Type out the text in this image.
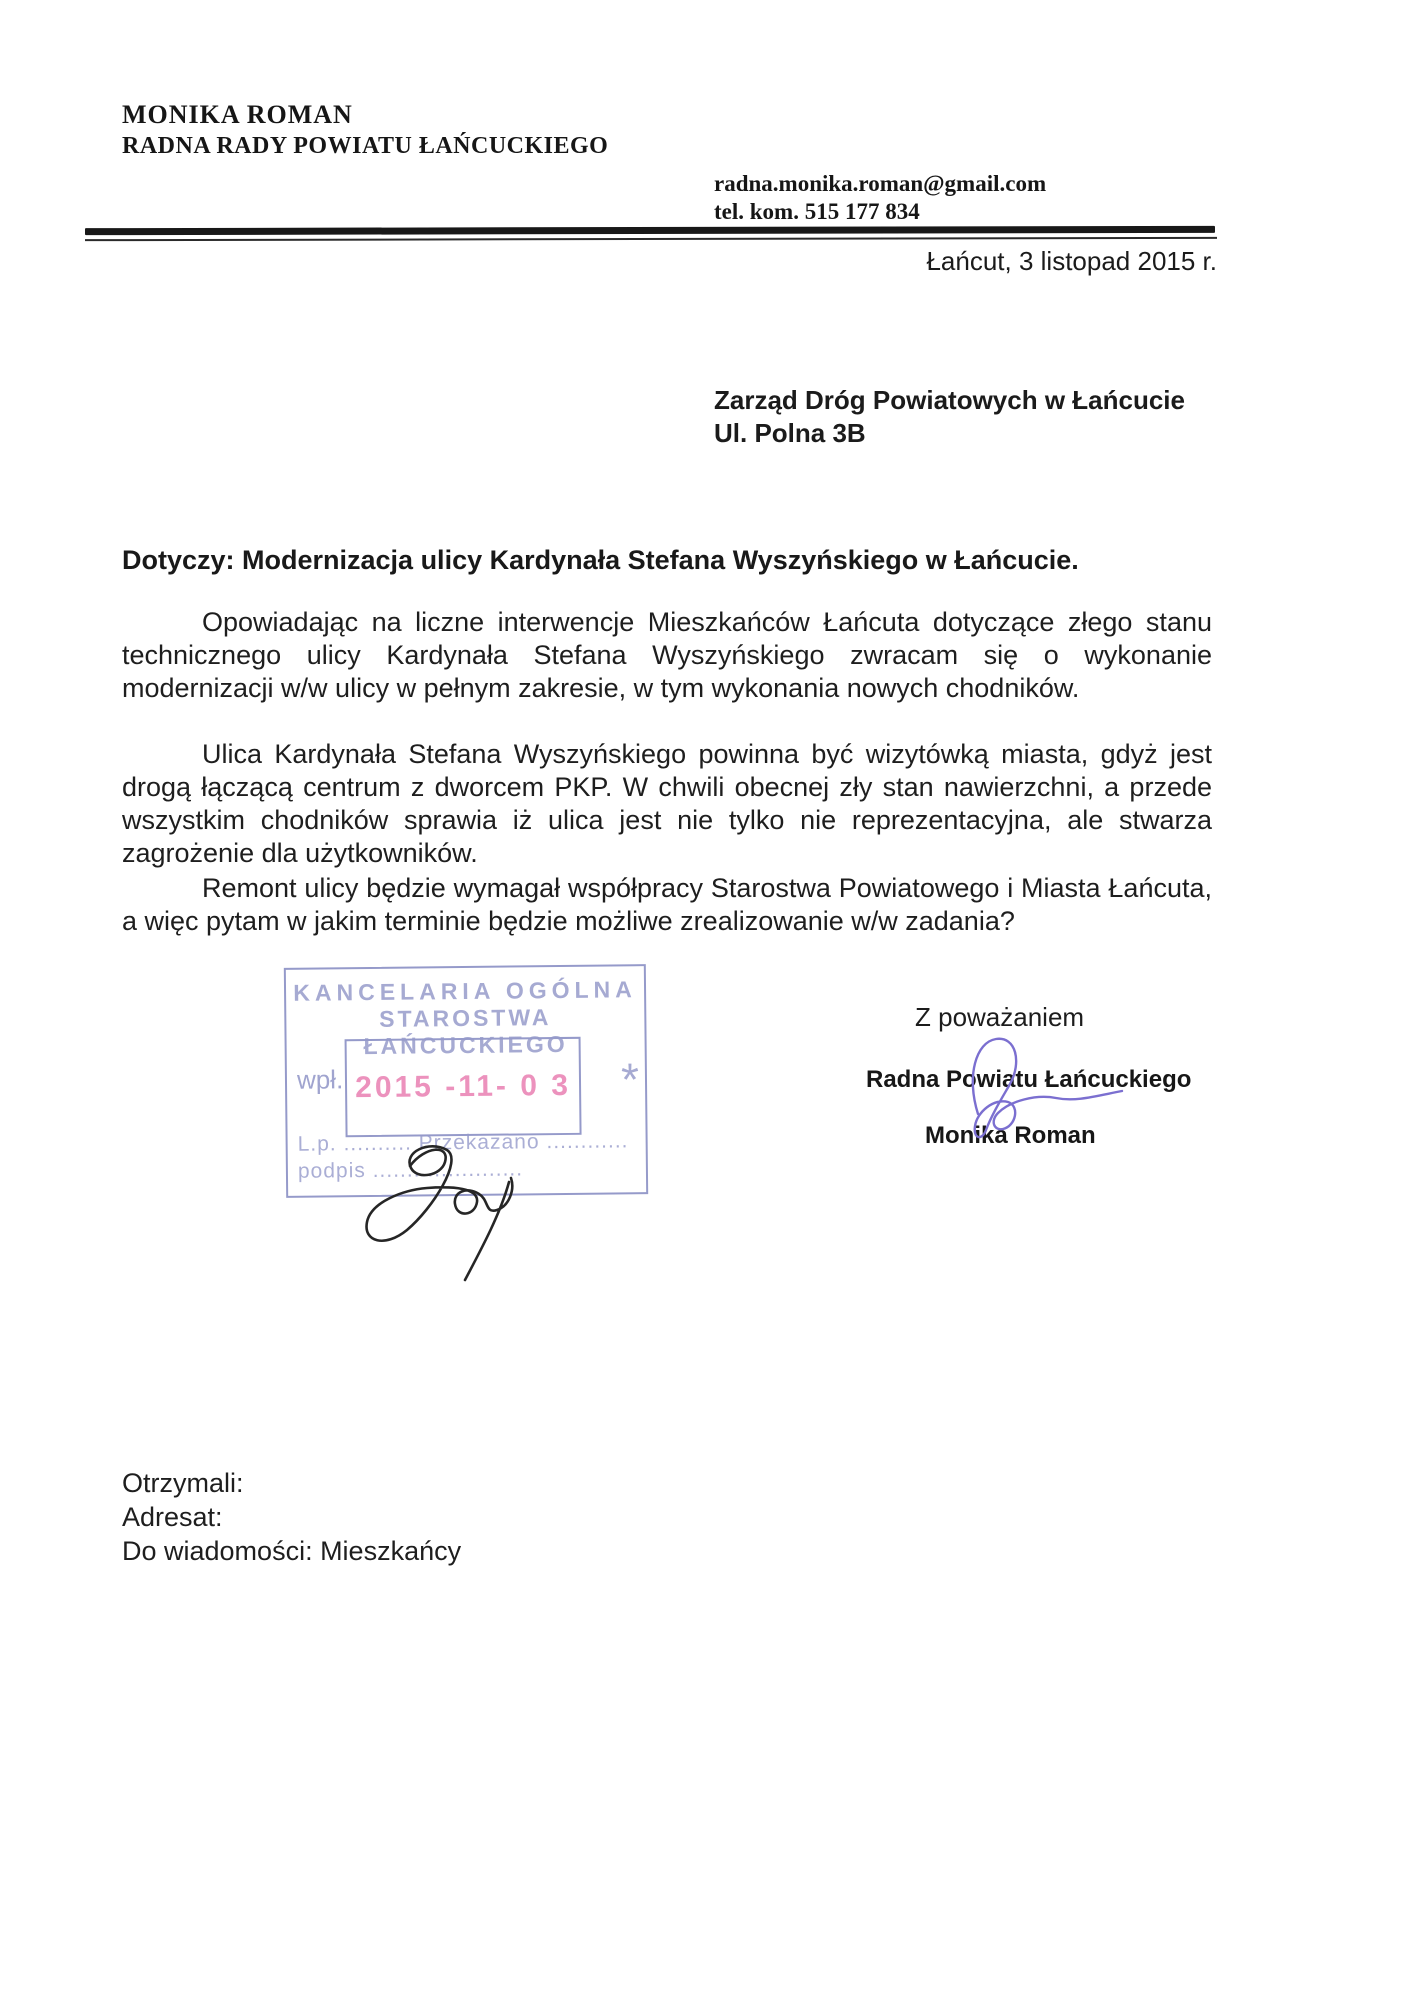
MONIKA ROMAN
RADNA RADY POWIATU ŁAŃCUCKIEGO
radna.monika.roman@gmail.com
tel. kom. 515 177 834
Łańcut, 3 listopad 2015 r.
Zarząd Dróg Powiatowych w Łańcucie
Ul. Polna 3B
Dotyczy: Modernizacja ulicy Kardynała Stefana Wyszyńskiego w Łańcucie.

Opowiadając na liczne interwencje Mieszkańców Łańcuta dotyczące złego stanu technicznego ulicy Kardynała Stefana Wyszyńskiego zwracam się o wykonanie modernizacji w/w ulicy w pełnym zakresie, w tym wykonania nowych chodników.

Ulica Kardynała Stefana Wyszyńskiego powinna być wizytówką miasta, gdyż jest drogą łączącą centrum z dworcem PKP. W chwili obecnej zły stan nawierzchni, a przede wszystkim chodników sprawia iż ulica jest nie tylko nie reprezentacyjna, ale stwarza zagrożenie dla użytkowników.

Remont ulicy będzie wymagał współpracy Starostwa Powiatowego i Miasta Łańcuta, a więc pytam w jakim terminie będzie możliwe zrealizowanie w/w zadania?

KANCELARIA OGÓLNA
STAROSTWA ŁAŃCUCKIEGO
wpł. 2015 -11- 0 3 *
L.p. .......... Przekazano ............
podpis ......................
Z poważaniem
Radna Powiatu Łańcuckiego
Monika Roman
Otrzymali:
Adresat:
Do wiadomości: Mieszkańcy
